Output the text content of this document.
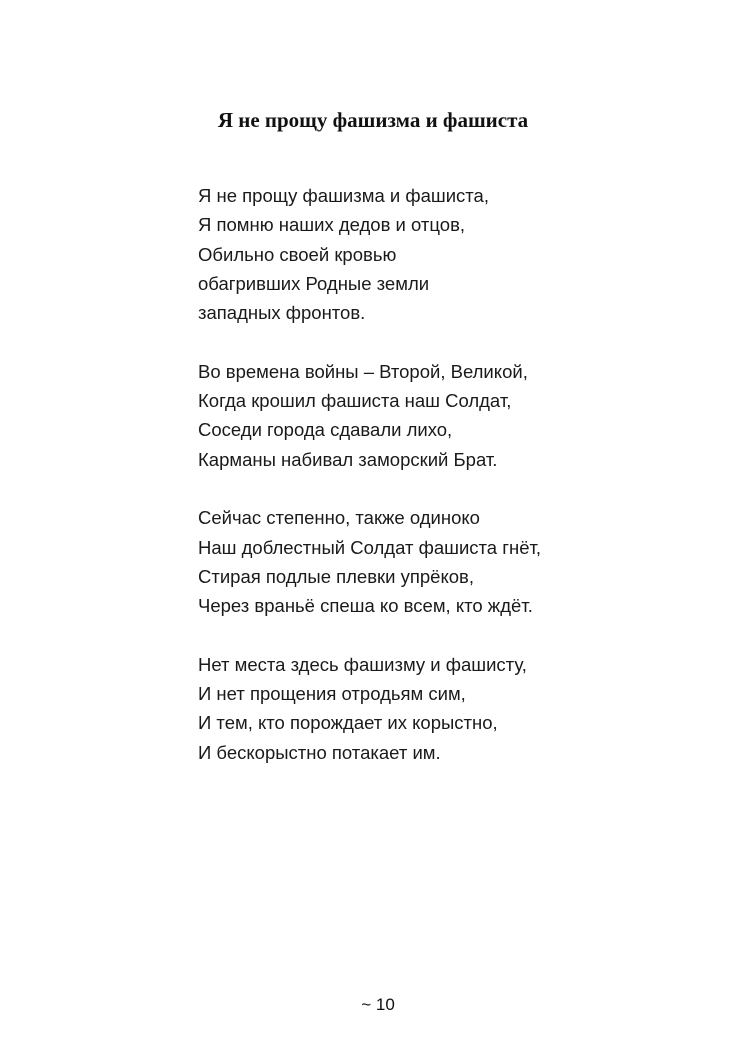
Я не прощу фашизма и фашиста
Я не прощу фашизма и фашиста,
Я помню наших дедов и отцов,
Обильно своей кровью
обагривших Родные земли
западных фронтов.
Во времена войны – Второй, Великой,
Когда крошил фашиста наш Солдат,
Соседи города сдавали лихо,
Карманы набивал заморский Брат.
Сейчас степенно, также одиноко
Наш доблестный Солдат фашиста гнёт,
Стирая подлые плевки упрёков,
Через враньё спеша ко всем, кто ждёт.
Нет места здесь фашизму и фашисту,
И нет прощения отродьям сим,
И тем, кто порождает их корыстно,
И бескорыстно потакает им.
~ 10
